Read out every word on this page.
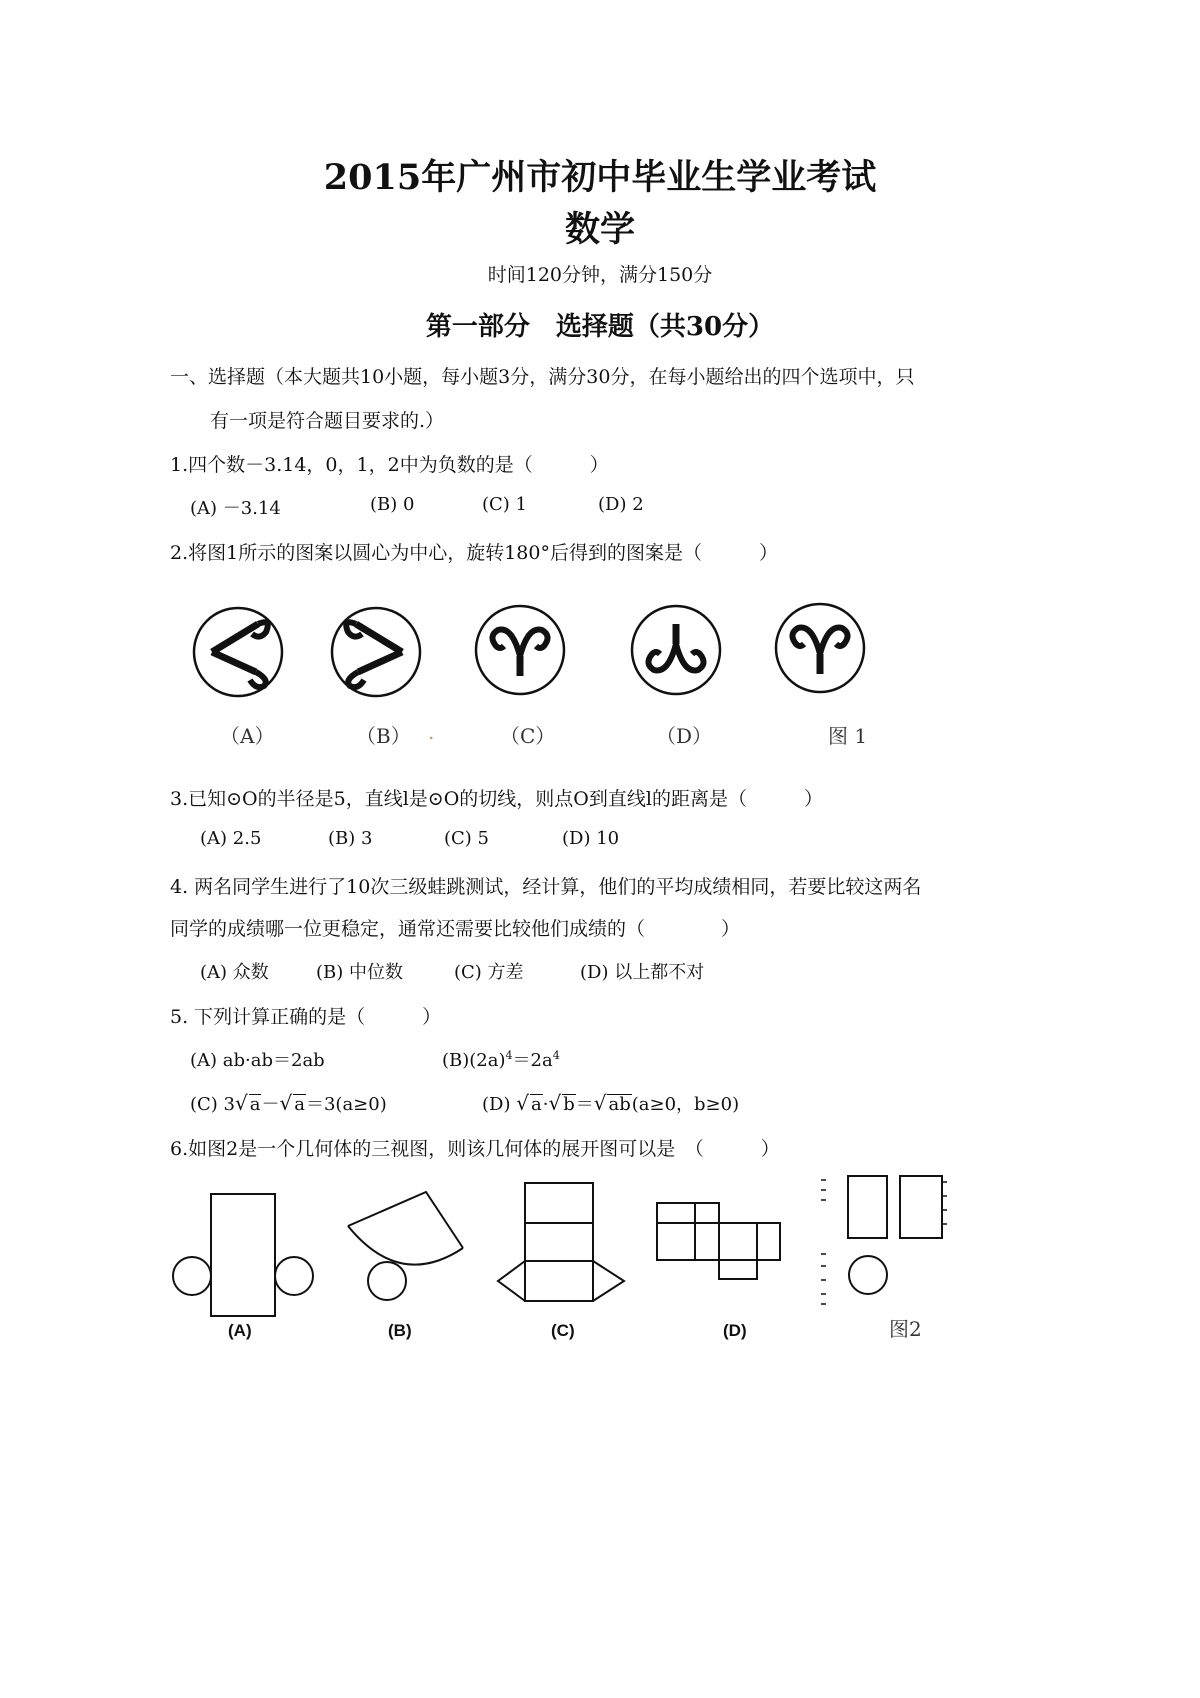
2015年广州市初中毕业生学业考试
数学
时间120分钟，满分150分
第一部分　选择题（共30分）
一、选择题（本大题共10小题，每小题3分，满分30分，在每小题给出的四个选项中，只
有一项是符合题目要求的.）
1.四个数－3.14，0，1，2中为负数的是（　　　）
(A) －3.14	(B) 0	(C) 1	(D) 2
2.将图1所示的图案以圆心为中心，旋转180°后得到的图案是（　　　）
（A）	（B） .	（C）	（D）	图 1
3.已知⊙O的半径是5，直线l是⊙O的切线，则点O到直线l的距离是（　　　）
(A) 2.5	(B) 3	(C) 5	(D) 10
4. 两名同学生进行了10次三级蛙跳测试，经计算，他们的平均成绩相同，若要比较这两名
同学的成绩哪一位更稳定，通常还需要比较他们成绩的（　　　　）
(A) 众数	(B) 中位数	(C) 方差	(D) 以上都不对
5. 下列计算正确的是（　　　）
(A) ab·ab＝2ab	$(B)(2a)^4=2a^4$
(C) 3√ a－√ a＝3(a≥0)	(D) √ a·√ b＝√ ab(a≥0，b≥0)
6.如图2是一个几何体的三视图，则该几何体的展开图可以是　（　　　）
(A)	(B)	(C)	(D)	图2
